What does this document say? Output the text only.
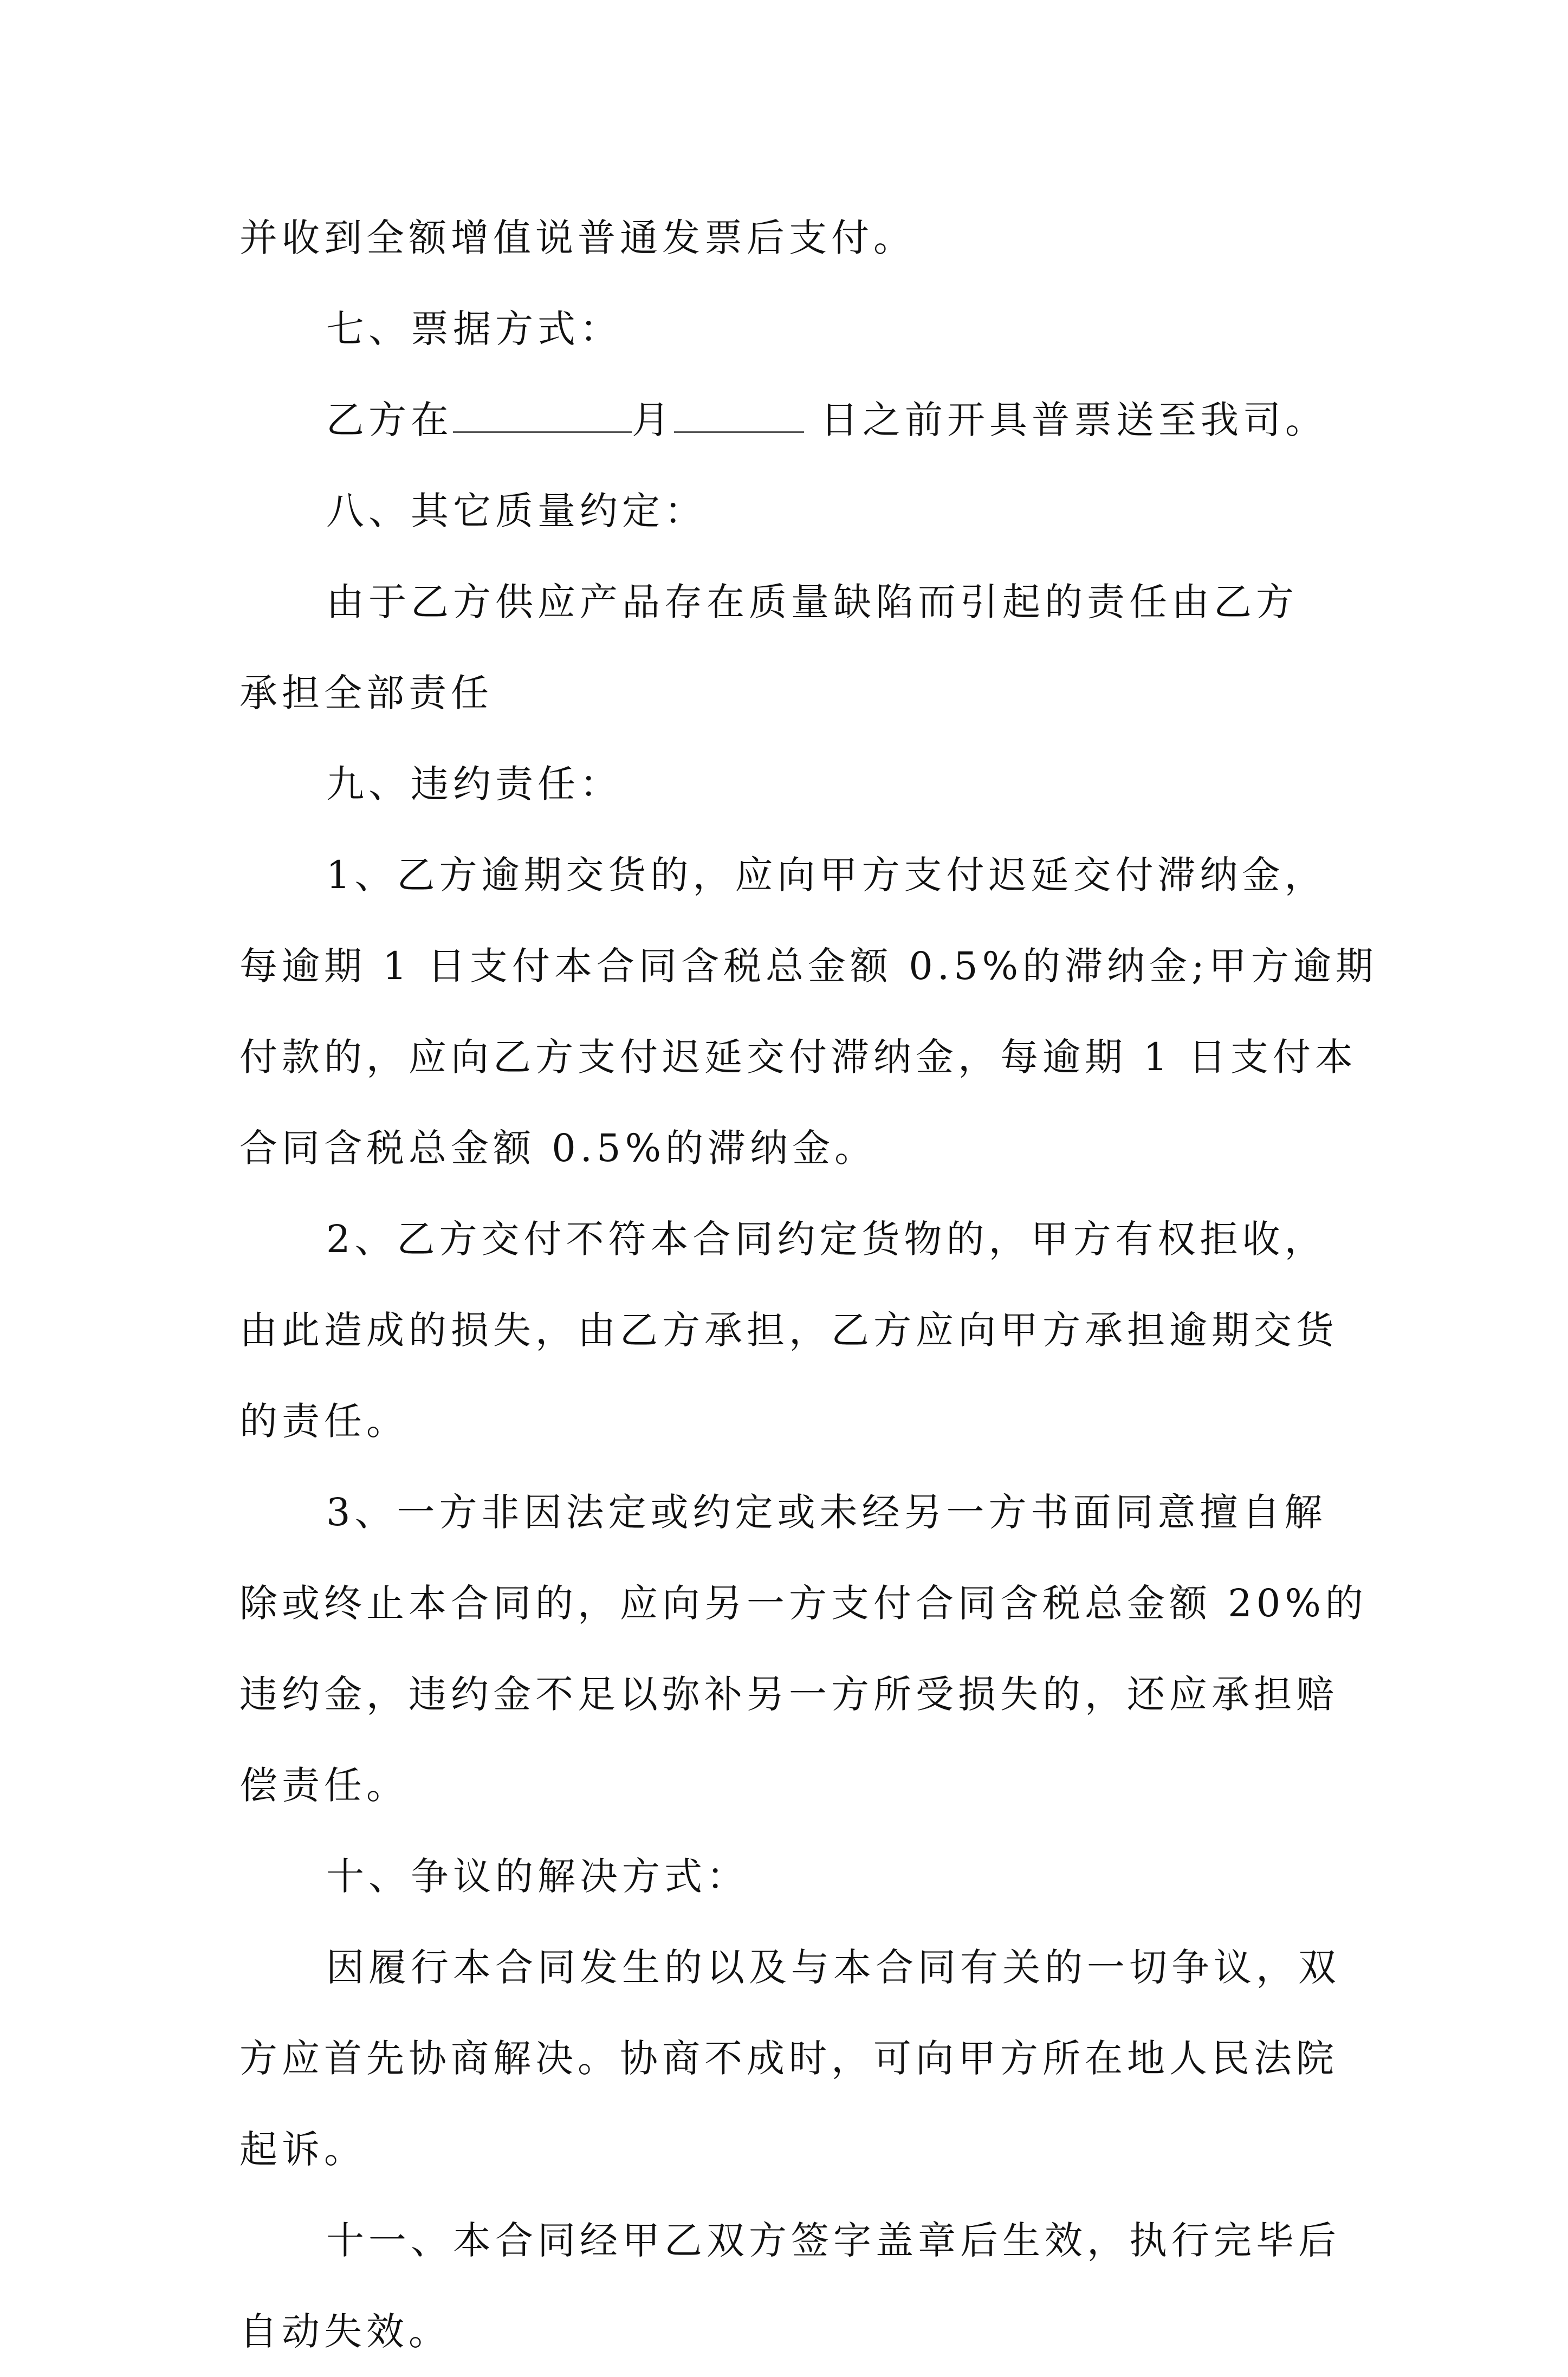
并收到全额增值说普通发票后支付。
七、票据方式：
乙方在	月	日之前开具普票送至我司。
八、其它质量约定：
由于乙方供应产品存在质量缺陷而引起的责任由乙方
承担全部责任
九、违约责任：
1、乙方逾期交货的，应向甲方支付迟延交付滞纳金，
每逾期 1 日支付本合同含税总金额 0.5%的滞纳金;甲方逾期
付款的，应向乙方支付迟延交付滞纳金，每逾期 1 日支付本
合同含税总金额 0.5%的滞纳金。
2、乙方交付不符本合同约定货物的，甲方有权拒收，
由此造成的损失，由乙方承担，乙方应向甲方承担逾期交货
的责任。
3、一方非因法定或约定或未经另一方书面同意擅自解
除或终止本合同的，应向另一方支付合同含税总金额 20%的
违约金，违约金不足以弥补另一方所受损失的，还应承担赔
偿责任。
十、争议的解决方式：
因履行本合同发生的以及与本合同有关的一切争议，双
方应首先协商解决。协商不成时，可向甲方所在地人民法院
起诉。
十一、本合同经甲乙双方签字盖章后生效，执行完毕后
自动失效。
